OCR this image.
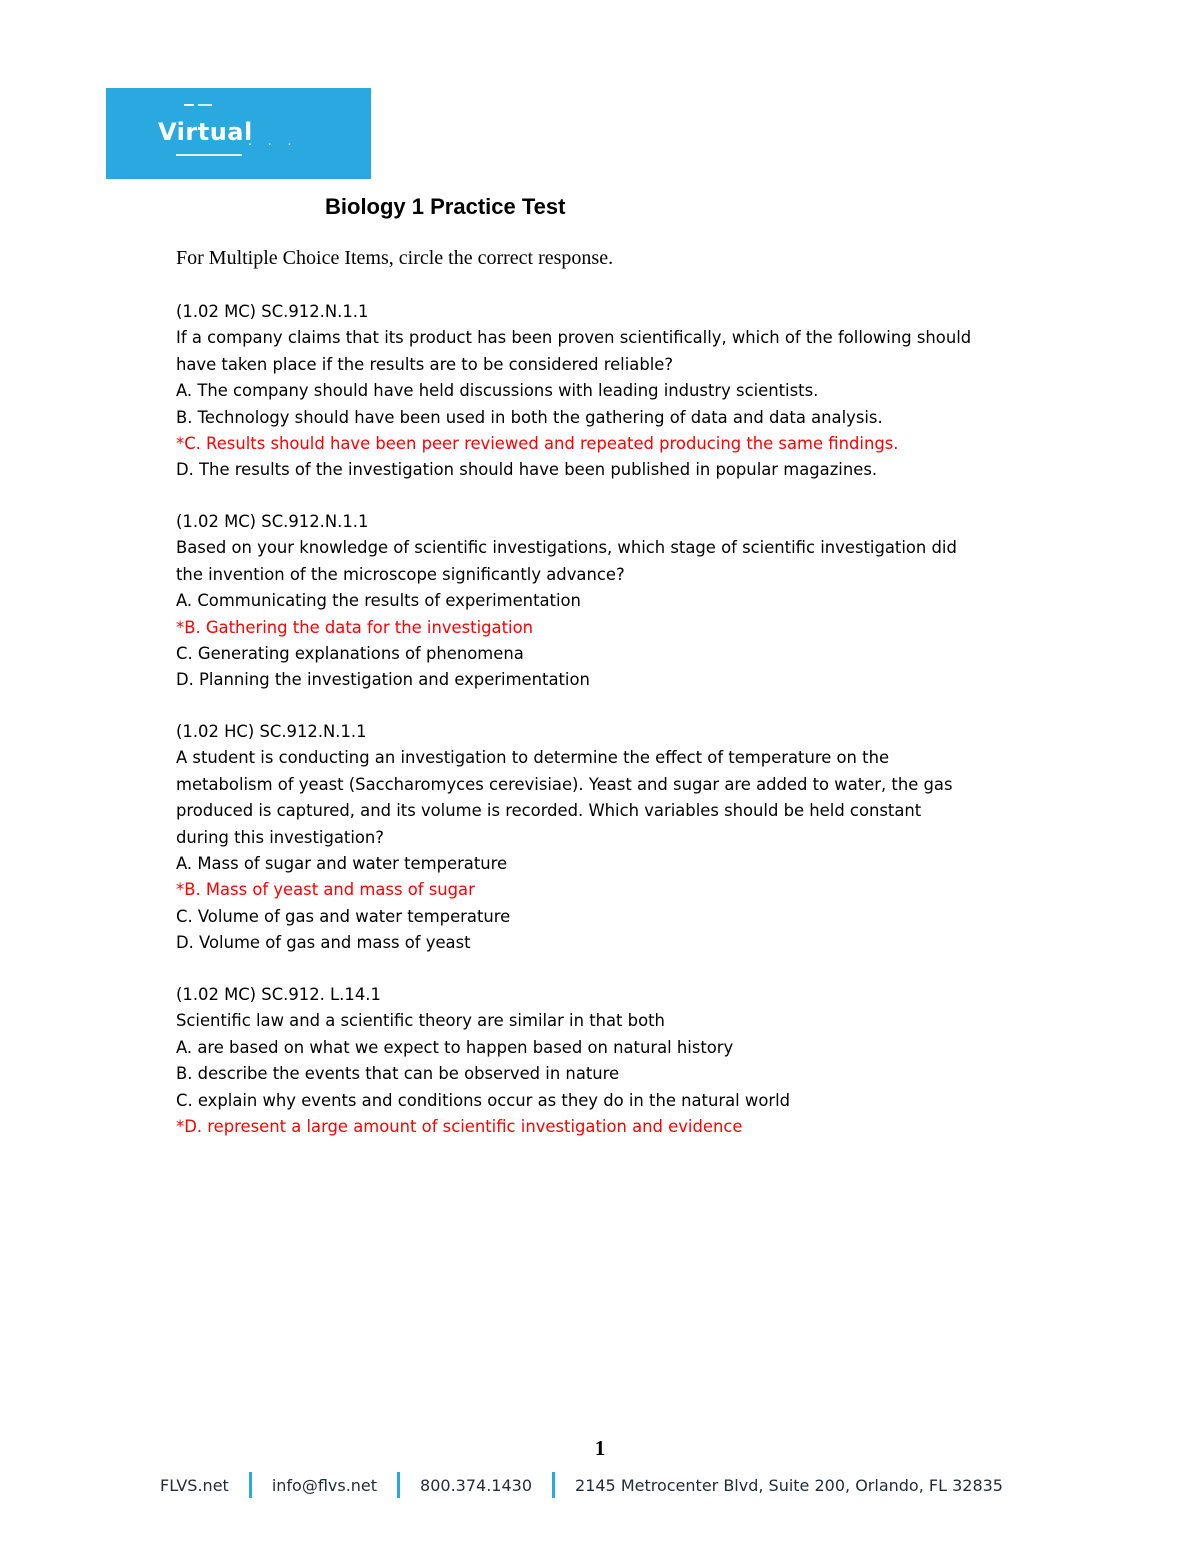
Virtual
. . .
Biology 1 Practice Test
For Multiple Choice Items, circle the correct response.

(1.02 MC) SC.912.N.1.1

If a company claims that its product has been proven scientifically, which of the following should

have taken place if the results are to be considered reliable?

A. The company should have held discussions with leading industry scientists.

B. Technology should have been used in both the gathering of data and data analysis.

*C. Results should have been peer reviewed and repeated producing the same findings.

D. The results of the investigation should have been published in popular magazines.

(1.02 MC) SC.912.N.1.1

Based on your knowledge of scientific investigations, which stage of scientific investigation did

the invention of the microscope significantly advance?

A. Communicating the results of experimentation

*B. Gathering the data for the investigation

C. Generating explanations of phenomena

D. Planning the investigation and experimentation

(1.02 HC) SC.912.N.1.1

A student is conducting an investigation to determine the effect of temperature on the

metabolism of yeast (Saccharomyces cerevisiae). Yeast and sugar are added to water, the gas

produced is captured, and its volume is recorded. Which variables should be held constant

during this investigation?

A. Mass of sugar and water temperature

*B. Mass of yeast and mass of sugar

C. Volume of gas and water temperature

D. Volume of gas and mass of yeast

(1.02 MC) SC.912. L.14.1

Scientific law and a scientific theory are similar in that both

A. are based on what we expect to happen based on natural history

B. describe the events that can be observed in nature

C. explain why events and conditions occur as they do in the natural world

*D. represent a large amount of scientific investigation and evidence

1
FLVS.net	info@flvs.net	800.374.1430	2145 Metrocenter Blvd, Suite 200, Orlando, FL 32835
